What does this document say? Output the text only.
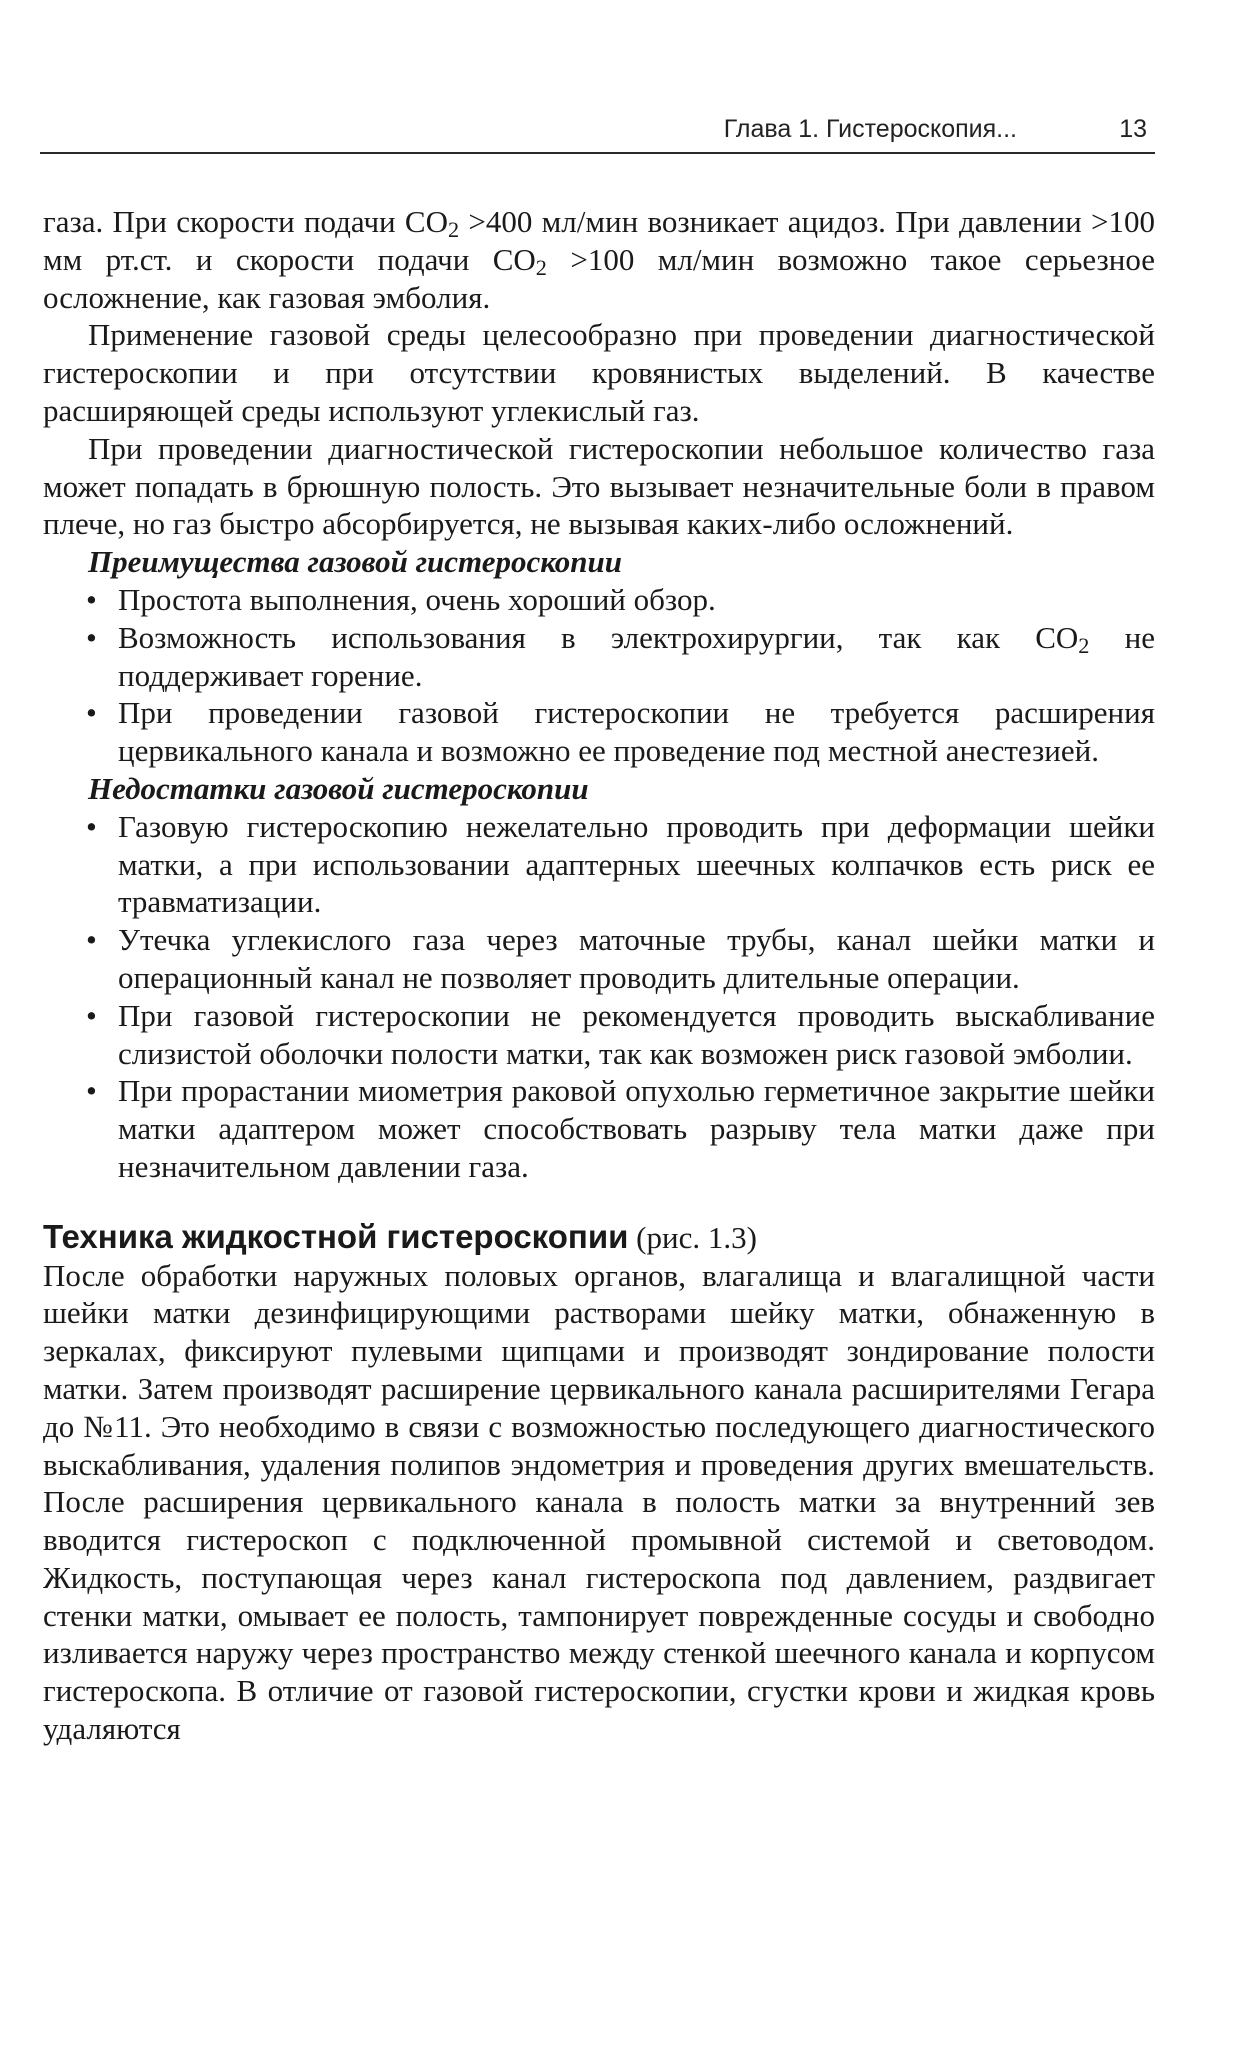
Глава 1. Гистероскопия...	13

газа. При скорости подачи $CO_2 >400$ мл/мин возникает ацидоз. При давлении >100 мм рт.ст. и скорости подачи $CO_2 >100$ мл/мин возможно такое серьезное осложнение, как газовая эмболия.

Применение газовой среды целесообразно при проведении диагностической гистероскопии и при отсутствии кровянистых выделений. В качестве расширяющей среды используют углекислый газ.

При проведении диагностической гистероскопии небольшое количество газа может попадать в брюшную полость. Это вызывает незначительные боли в правом плече, но газ быстро абсорбируется, не вызывая каких-либо осложнений.

Преимущества газовой гистероскопии

• Простота выполнения, очень хороший обзор.
• Возможность использования в электрохирургии, так как $CO_2$ не поддерживает горение.
• При проведении газовой гистероскопии не требуется расширения цервикального канала и возможно ее проведение под местной анестезией.

Недостатки газовой гистероскопии

• Газовую гистероскопию нежелательно проводить при деформации шейки матки, а при использовании адаптерных шеечных колпачков есть риск ее травматизации.
• Утечка углекислого газа через маточные трубы, канал шейки матки и операционный канал не позволяет проводить длительные операции.
• При газовой гистероскопии не рекомендуется проводить выскабливание слизистой оболочки полости матки, так как возможен риск газовой эмболии.
• При прорастании миометрия раковой опухолью герметичное закрытие шейки матки адаптером может способствовать разрыву тела матки даже при незначительном давлении газа.

Техника жидкостной гистероскопии (рис. 1.3)

После обработки наружных половых органов, влагалища и влагалищной части шейки матки дезинфицирующими растворами шейку матки, обнаженную в зеркалах, фиксируют пулевыми щипцами и производят зондирование полости матки. Затем производят расширение цервикального канала расширителями Гегара до №11. Это необходимо в связи с возможностью последующего диагностического выскабливания, удаления полипов эндометрия и проведения других вмешательств. После расширения цервикального канала в полость матки за внутренний зев вводится гистероскоп с подключенной промывной системой и световодом. Жидкость, поступающая через канал гистероскопа под давлением, раздвигает стенки матки, омывает ее полость, тампонирует поврежденные сосуды и свободно изливается наружу через пространство между стенкой шеечного канала и корпусом гистероскопа. В отличие от газовой гистероскопии, сгустки крови и жидкая кровь удаляются
